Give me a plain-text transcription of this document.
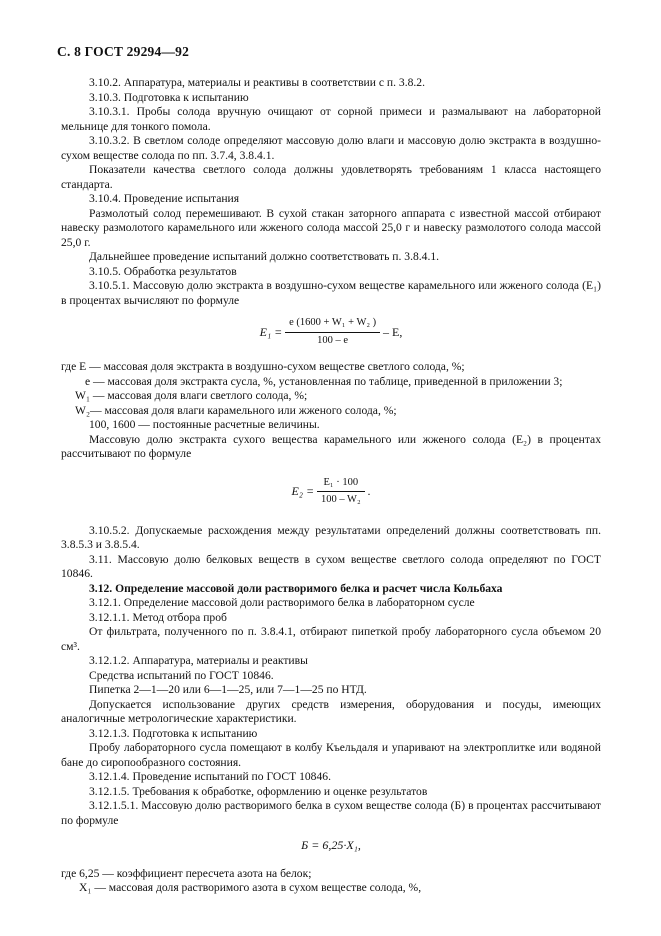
С. 8 ГОСТ 29294—92

3.10.2. Аппаратура, материалы и реактивы в соответствии с п. 3.8.2.

3.10.3. Подготовка к испытанию

3.10.3.1. Пробы солода вручную очищают от сорной примеси и размалывают на лабораторной мельнице для тонкого помола.

3.10.3.2. В светлом солоде определяют массовую долю влаги и массовую долю экстракта в воздушно-сухом веществе солода по пп. 3.7.4, 3.8.4.1.

Показатели качества светлого солода должны удовлетворять требованиям 1 класса настоящего стандарта.

3.10.4. Проведение испытания

Размолотый солод перемешивают. В сухой стакан заторного аппарата с известной массой отбирают навеску размолотого карамельного или жженого солода массой 25,0 г и навеску размолотого солода массой 25,0 г.

Дальнейшее проведение испытаний должно соответствовать п. 3.8.4.1.

3.10.5. Обработка результатов

3.10.5.1. Массовую долю экстракта в воздушно-сухом веществе карамельного или жженого солода (E₁) в процентах вычисляют по формуле

$E_1 = \frac{\text{e (1600 + W₁ + W₂ )}}{100 - e} - E$,

где E — массовая доля экстракта в воздушно-сухом веществе светлого солода, %;

e — массовая доля экстракта сусла, %, установленная по таблице, приведенной в приложении 3;

W₁ — массовая доля влаги светлого солода, %;

W₂— массовая доля влаги карамельного или жженого солода, %;

100, 1600 — постоянные расчетные величины.

Массовую долю экстракта сухого вещества карамельного или жженого солода (E₂) в процентах рассчитывают по формуле

$E_2 = \frac{\text{E₁ · 100}}{\text{100 – W₂}}$ .

3.10.5.2. Допускаемые расхождения между результатами определений должны соответствовать пп. 3.8.5.3 и 3.8.5.4.

3.11. Массовую долю белковых веществ в сухом веществе светлого солода определяют по ГОСТ 10846.

3.12. Определение массовой доли растворимого белка и расчет числа Кольбаха

3.12.1. Определение массовой доли растворимого белка в лабораторном сусле

3.12.1.1. Метод отбора проб

От фильтрата, полученного по п. 3.8.4.1, отбирают пипеткой пробу лабораторного сусла объемом 20 см³.

3.12.1.2. Аппаратура, материалы и реактивы

Средства испытаний по ГОСТ 10846.

Пипетка 2—1—20 или 6—1—25, или 7—1—25 по НТД.

Допускается использование других средств измерения, оборудования и посуды, имеющих аналогичные метрологические характеристики.

3.12.1.3. Подготовка к испытанию

Пробу лабораторного сусла помещают в колбу Къельдаля и упаривают на электроплитке или водяной бане до сиропообразного состояния.

3.12.1.4. Проведение испытаний по ГОСТ 10846.

3.12.1.5. Требования к обработке, оформлению и оценке результатов

3.12.1.5.1. Массовую долю растворимого белка в сухом веществе солода (Б) в процентах рассчитывают по формуле

Б = 6,25·X₁,

где 6,25 — коэффициент пересчета азота на белок;

X₁ — массовая доля растворимого азота в сухом веществе солода, %,
